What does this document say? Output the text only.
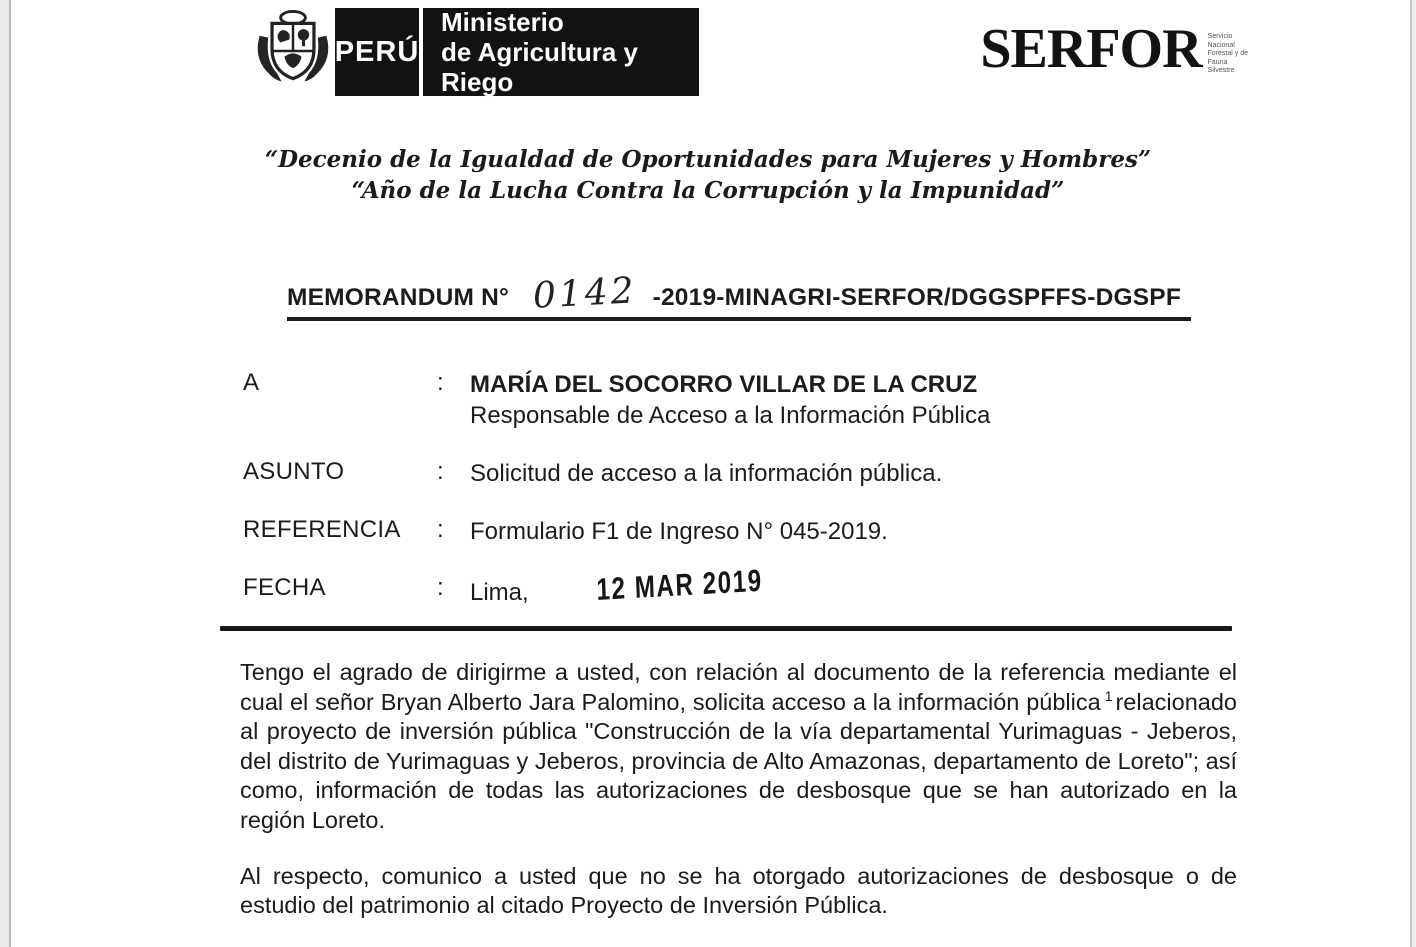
PERÚ
Ministerio
de Agricultura y Riego
SERFOR Servicio
Nacional
Forestal y de
Fauna
Silvestre
“Decenio de la Igualdad de Oportunidades para Mujeres y Hombres”
“Año de la Lucha Contra la Corrupción y la Impunidad”
MEMORANDUM N° 0142 -2019-MINAGRI-SERFOR/DGGSPFFS-DGSPF
A	:	MARÍA DEL SOCORRO VILLAR DE LA CRUZ
Responsable de Acceso a la Información Pública
ASUNTO	:	Solicitud de acceso a la información pública.
REFERENCIA	:	Formulario F1 de Ingreso N° 045-2019.
FECHA	:	Lima, 12 MAR 2019

Tengo el agrado de dirigirme a usted, con relación al documento de la referencia mediante el cual el señor Bryan Alberto Jara Palomino, solicita acceso a la información pública $^1$ relacionado al proyecto de inversión pública "Construcción de la vía departamental Yurimaguas - Jeberos, del distrito de Yurimaguas y Jeberos, provincia de Alto Amazonas, departamento de Loreto"; así como, información de todas las autorizaciones de desbosque que se han autorizado en la región Loreto.

Al respecto, comunico a usted que no se ha otorgado autorizaciones de desbosque o de estudio del patrimonio al citado Proyecto de Inversión Pública.
